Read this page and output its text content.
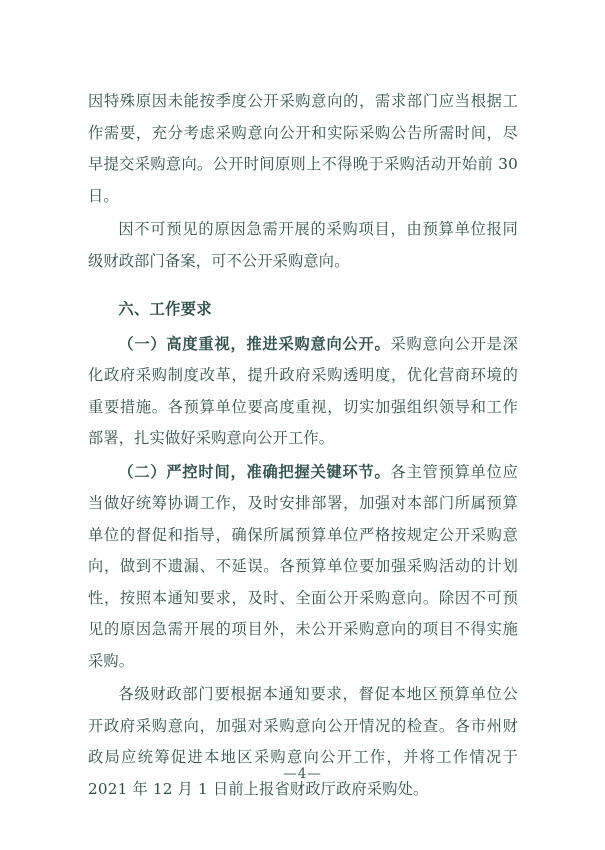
因特殊原因未能按季度公开采购意向的，需求部门应当根据工作需要，充分考虑采购意向公开和实际采购公告所需时间，尽早提交采购意向。公开时间原则上不得晚于采购活动开始前 30 日。

因不可预见的原因急需开展的采购项目，由预算单位报同级财政部门备案，可不公开采购意向。

六、工作要求

（一）高度重视，推进采购意向公开。采购意向公开是深化政府采购制度改革，提升政府采购透明度，优化营商环境的重要措施。各预算单位要高度重视，切实加强组织领导和工作部署，扎实做好采购意向公开工作。

（二）严控时间，准确把握关键环节。各主管预算单位应当做好统筹协调工作，及时安排部署，加强对本部门所属预算单位的督促和指导，确保所属预算单位严格按规定公开采购意向，做到不遗漏、不延误。各预算单位要加强采购活动的计划性，按照本通知要求，及时、全面公开采购意向。除因不可预见的原因急需开展的项目外，未公开采购意向的项目不得实施采购。

各级财政部门要根据本通知要求，督促本地区预算单位公开政府采购意向，加强对采购意向公开情况的检查。各市州财政局应统筹促进本地区采购意向公开工作，并将工作情况于 2021 年 12 月 1 日前上报省财政厅政府采购处。

—4—
